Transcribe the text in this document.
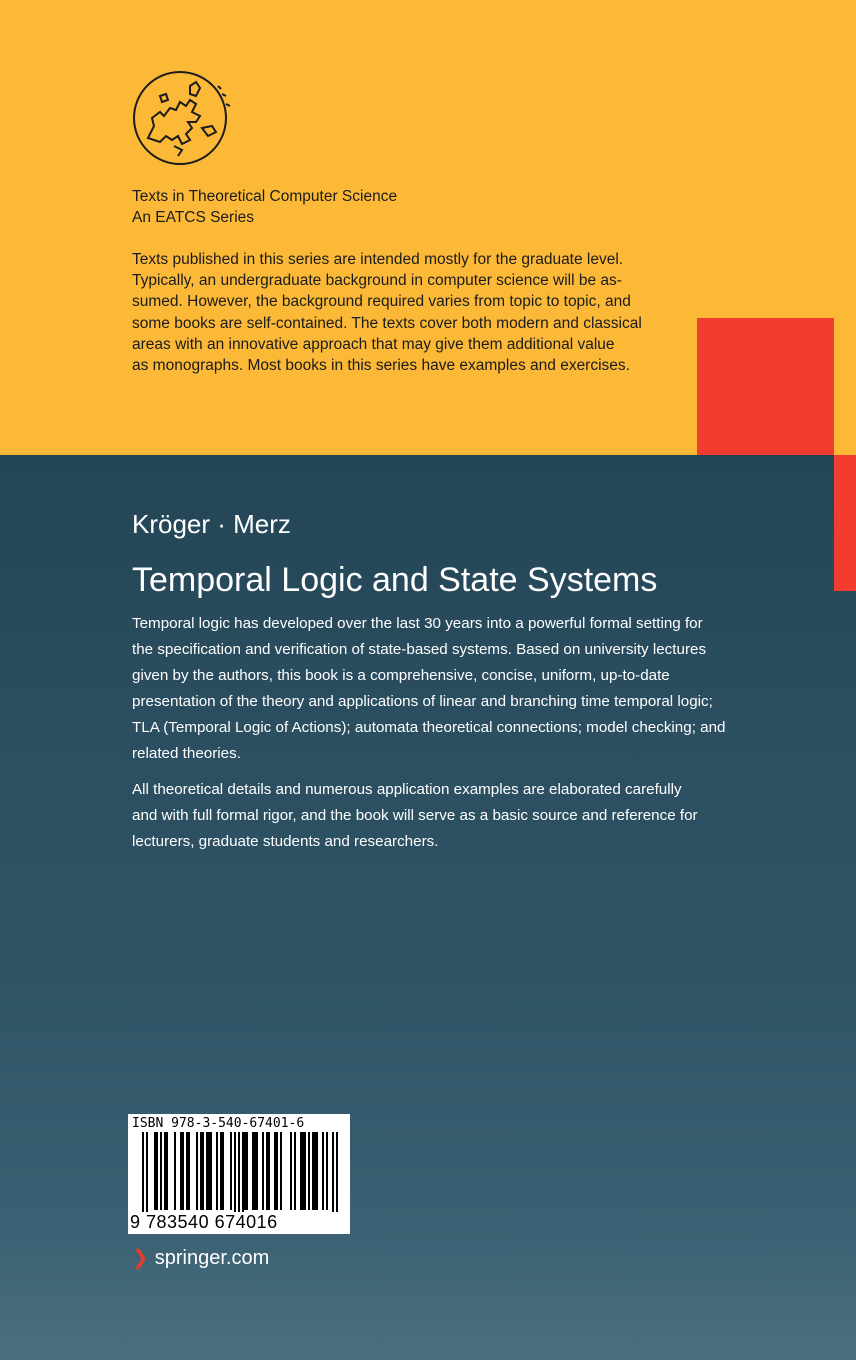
Texts in Theoretical Computer Science
An EATCS Series
Texts published in this series are intended mostly for the graduate level.
Typically, an undergraduate background in computer science will be as-
sumed. However, the background required varies from topic to topic, and
some books are self-contained. The texts cover both modern and classical
areas with an innovative approach that may give them additional value
as monographs. Most books in this series have examples and exercises.
Kröger · Merz
Temporal Logic and State Systems
Temporal logic has developed over the last 30 years into a powerful formal setting for
the specification and verification of state-based systems. Based on university lectures
given by the authors, this book is a comprehensive, concise, uniform, up-to-date
presentation of the theory and applications of linear and branching time temporal logic;
TLA (Temporal Logic of Actions); automata theoretical connections; model checking; and
related theories.
All theoretical details and numerous application examples are elaborated carefully
and with full formal rigor, and the book will serve as a basic source and reference for
lecturers, graduate students and researchers.
ISBN 978-3-540-67401-6
9 783540 674016
❯ springer.com
